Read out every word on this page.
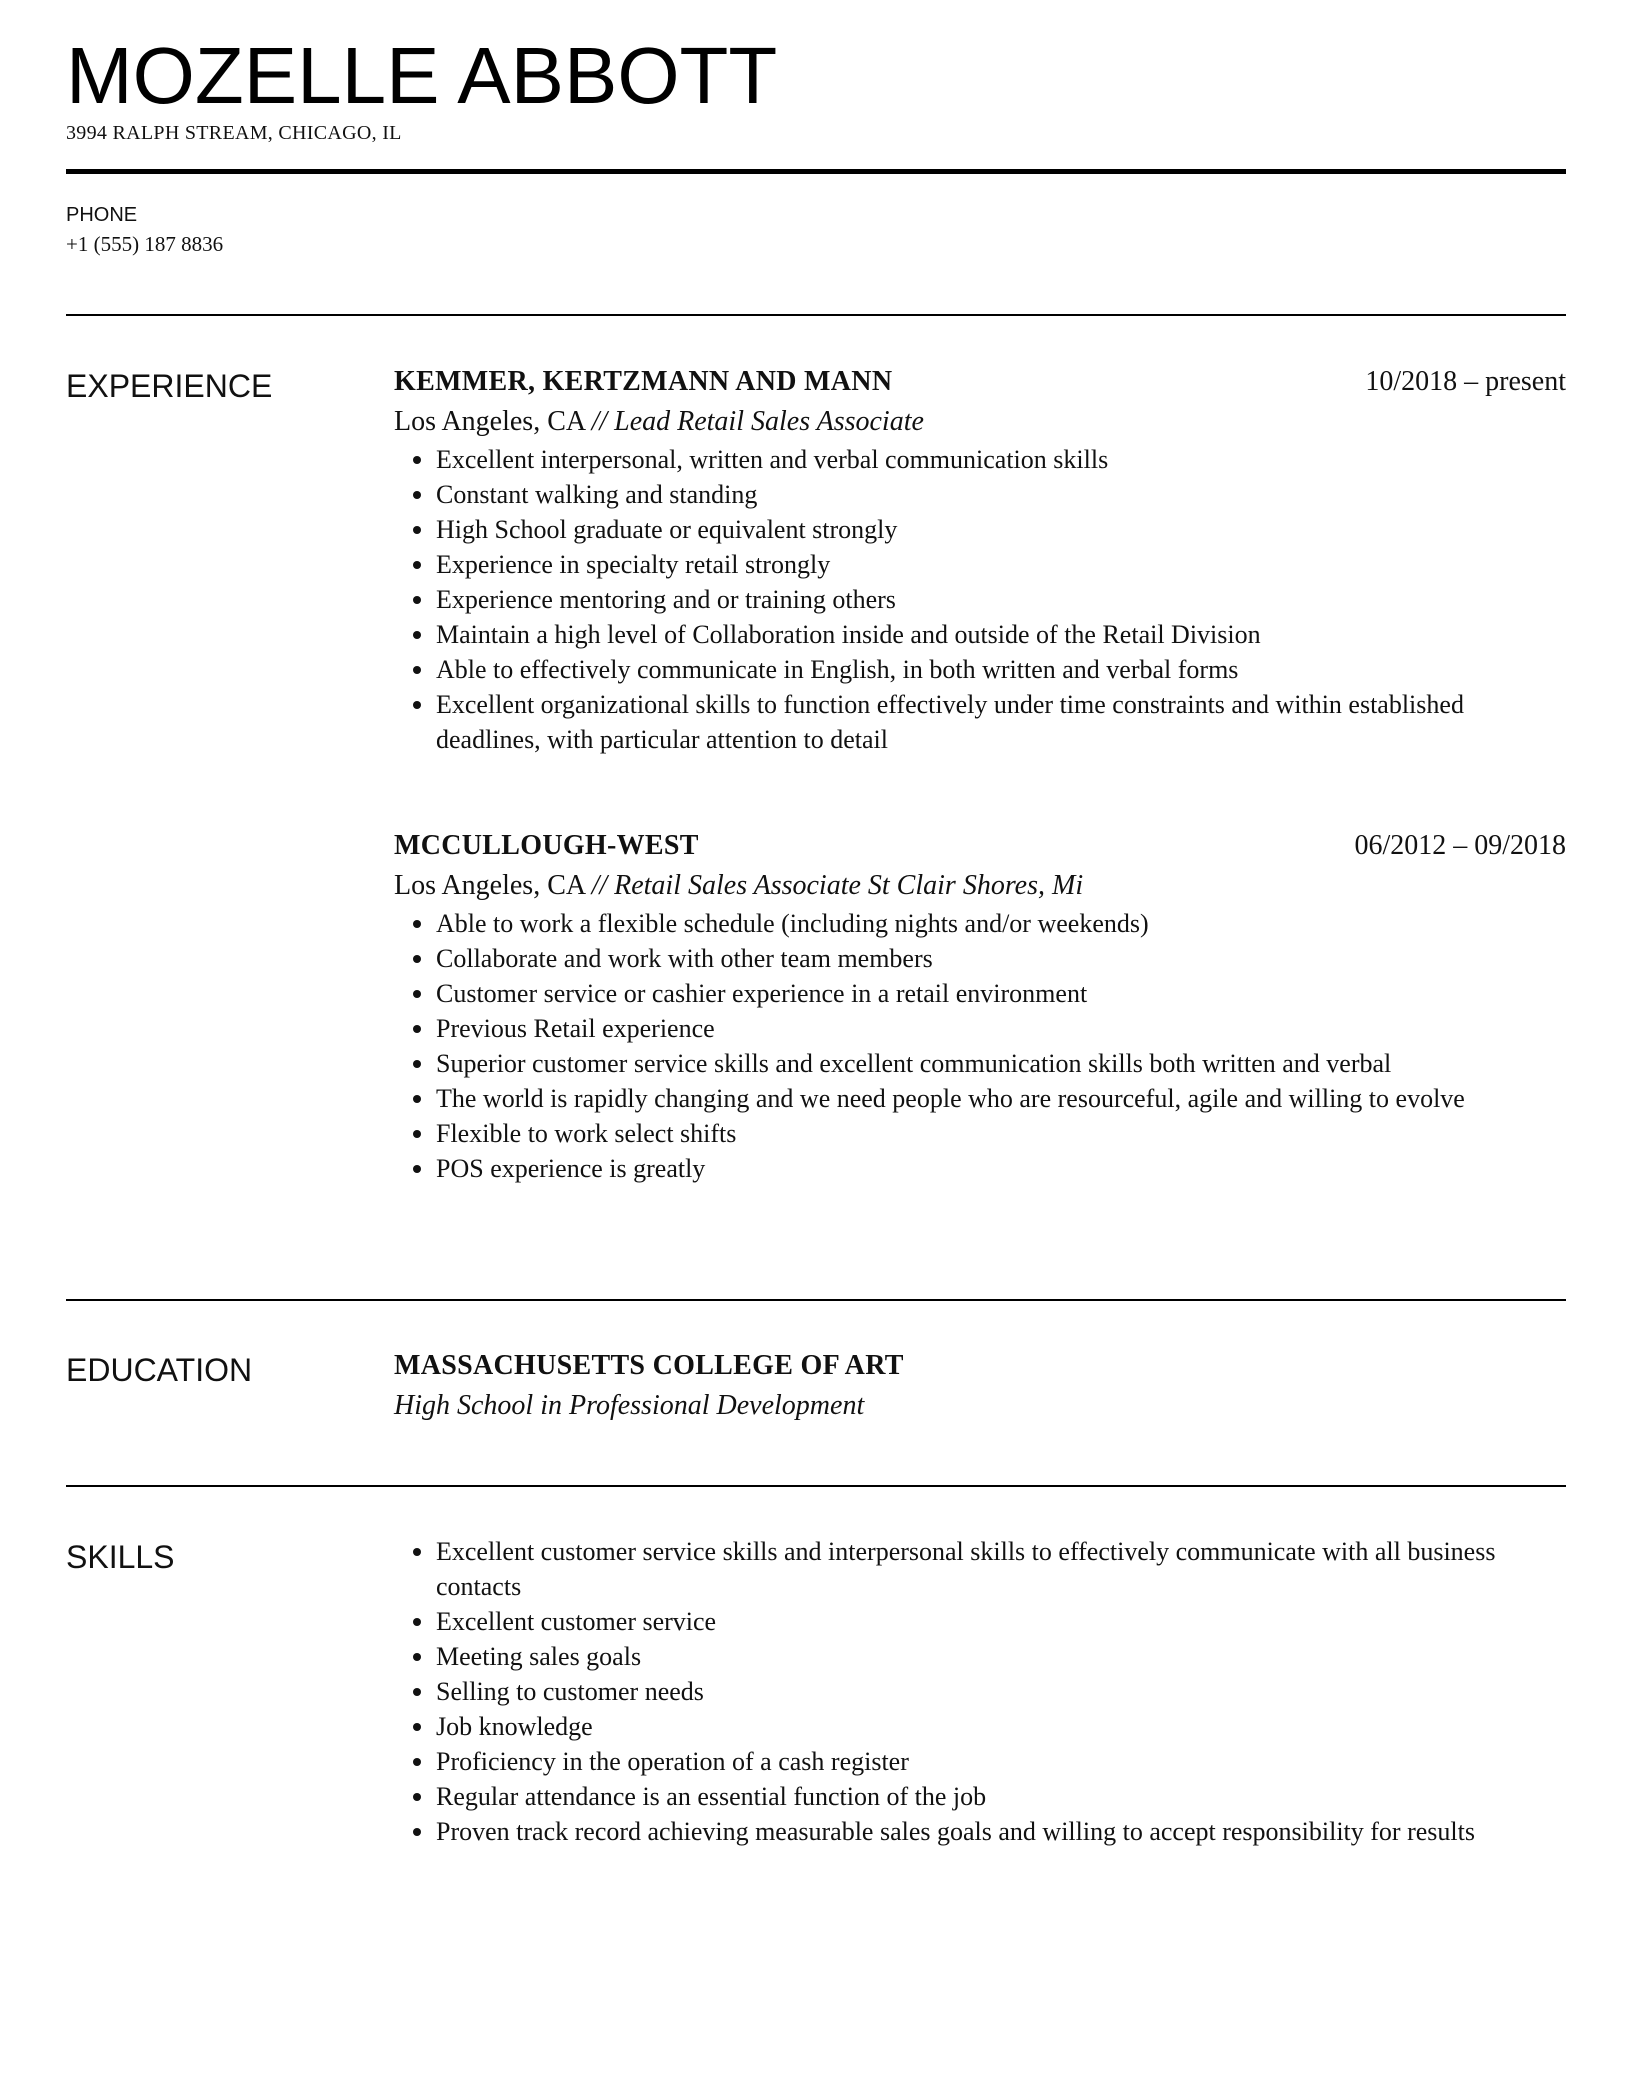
MOZELLE ABBOTT
3994 RALPH STREAM, CHICAGO, IL
PHONE
+1 (555) 187 8836
EXPERIENCE	KEMMER, KERTZMANN AND MANN	10/2018 – present
Los Angeles, CA // Lead Retail Sales Associate
Excellent interpersonal, written and verbal communication skills
Constant walking and standing
High School graduate or equivalent strongly
Experience in specialty retail strongly
Experience mentoring and or training others
Maintain a high level of Collaboration inside and outside of the Retail Division
Able to effectively communicate in English, in both written and verbal forms
Excellent organizational skills to function effectively under time constraints and within established deadlines, with particular attention to detail
MCCULLOUGH-WEST	06/2012 – 09/2018
Los Angeles, CA // Retail Sales Associate St Clair Shores, Mi
Able to work a flexible schedule (including nights and/or weekends)
Collaborate and work with other team members
Customer service or cashier experience in a retail environment
Previous Retail experience
Superior customer service skills and excellent communication skills both written and verbal
The world is rapidly changing and we need people who are resourceful, agile and willing to evolve
Flexible to work select shifts
POS experience is greatly
EDUCATION	MASSACHUSETTS COLLEGE OF ART
High School in Professional Development
SKILLS	Excellent customer service skills and interpersonal skills to effectively communicate with all business contacts
Excellent customer service
Meeting sales goals
Selling to customer needs
Job knowledge
Proficiency in the operation of a cash register
Regular attendance is an essential function of the job
Proven track record achieving measurable sales goals and willing to accept responsibility for results
